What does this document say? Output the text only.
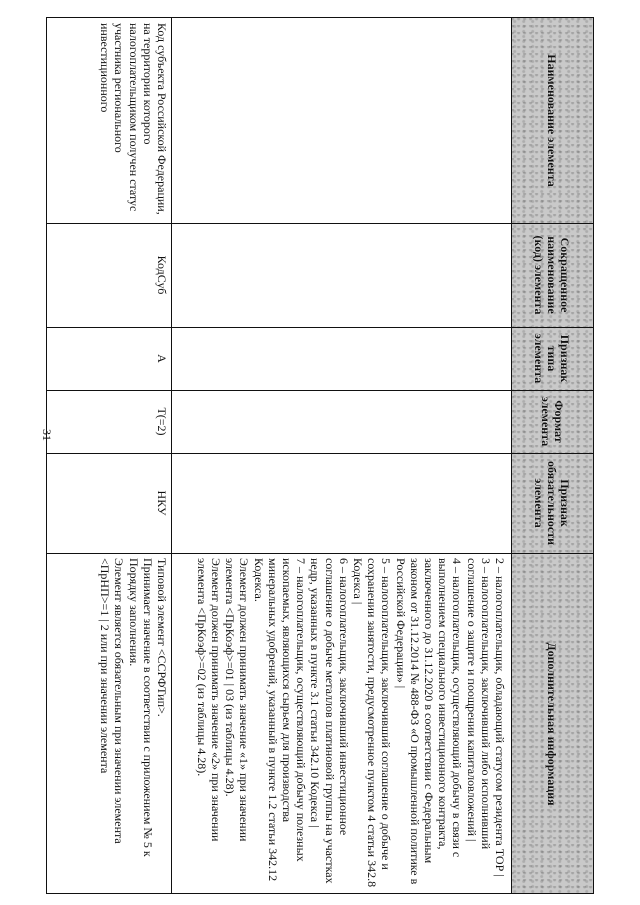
31
Наименование элемента
Сокращенное наименование (код) элемента
Признак типа элемента
Формат элемента
Признак обязательности элемента
Дополнительная информация

2 – налогоплательщик, обладающий статусом резидента ТОР |

3 – налогоплательщик, заключивший либо исполнивший соглашение о защите и поощрении капиталовложений |

4 – налогоплательщик, осуществляющий добычу в связи с выполнением специального инвестиционного контракта, заключенного до 31.12.2020 в соответствии с Федеральным законом от 31.12.2014 № 488-ФЗ «О промышленной политике в Российской Федерации» |

5 – налогоплательщик, заключивший соглашение о добыче и сохранении занятости, предусмотренное пунктом 4 статьи 342.8 Кодекса |

6 – налогоплательщик, заключивший инвестиционное соглашение о добыче металлов платиновой группы на участках недр, указанных в пункте 3.1 статьи 342.10 Кодекса |

7 – налогоплательщик, осуществляющий добычу полезных ископаемых, являющихся сырьем для производства минеральных удобрений, указанный в пункте 1.2 статьи 342.12 Кодекса.

Элемент должен принимать значение «1» при значении элемента <ПрКоэф>=01 | 03 (из таблицы 4.28).

Элемент должен принимать значение «2» при значении элемента <ПрКоэф>=02 (из таблицы 4.28).

Код субъекта Российской Федерации, на территории которого налогоплательщиком получен статус участника регионального инвестиционного
КодСуб
А
T(=2)
НКУ

Типовой элемент <ССРФТип>.

Принимает значение в соответствии с приложением № 5 к Порядку заполнения.

Элемент является обязательным при значении элемента <ПрНП>=1 | 2 или при значении элемента
